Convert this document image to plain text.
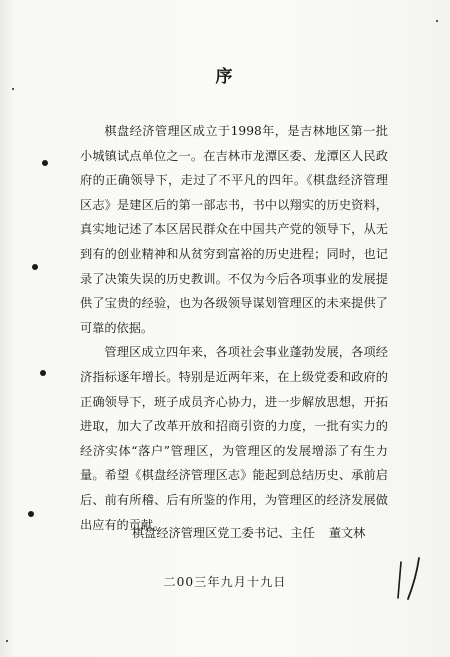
序

棋盘经济管理区成立于1998年，是吉林地区第一批小城镇试点单位之一。在吉林市龙潭区委、龙潭区人民政府的正确领导下，走过了不平凡的四年。《棋盘经济管理区志》是建区后的第一部志书，书中以翔实的历史资料，真实地记述了本区居民群众在中国共产党的领导下，从无到有的创业精神和从贫穷到富裕的历史进程；同时，也记录了决策失误的历史教训。不仅为今后各项事业的发展提供了宝贵的经验，也为各级领导谋划管理区的未来提供了可靠的依据。

管理区成立四年来，各项社会事业蓬勃发展，各项经济指标逐年增长。特别是近两年来，在上级党委和政府的正确领导下，班子成员齐心协力，进一步解放思想，开拓进取，加大了改革开放和招商引资的力度，一批有实力的经济实体“落户”管理区，为管理区的发展增添了有生力量。希望《棋盘经济管理区志》能起到总结历史、承前启后、前有所稽、后有所鉴的作用，为管理区的经济发展做出应有的贡献。

棋盘经济管理区党工委书记、主任 董文林
二00三年九月十九日
